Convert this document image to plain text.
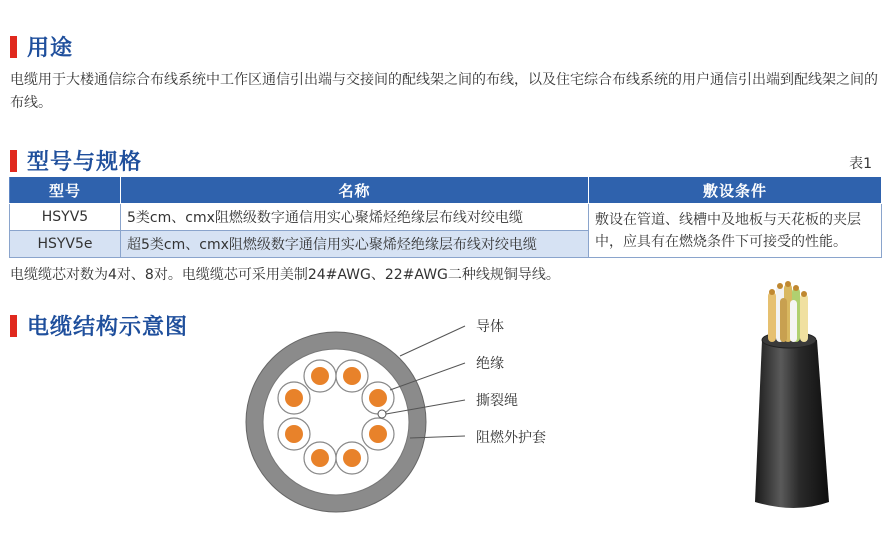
用途
电缆用于大楼通信综合布线系统中工作区通信引出端与交接间的配线架之间的布线，以及住宅综合布线系统的用户通信引出端到配线架之间的布线。
型号与规格	表1
型号	名称	敷设条件
HSYV5	5类cm、cmx阻燃级数字通信用实心聚烯烃绝缘层布线对绞电缆	敷设在管道、线槽中及地板与天花板的夹层中，应具有在燃烧条件下可接受的性能。
HSYV5e	超5类cm、cmx阻燃级数字通信用实心聚烯烃绝缘层布线对绞电缆	
电缆缆芯对数为4对、8对。电缆缆芯可采用美制24#AWG、22#AWG二种线规铜导线。
电缆结构示意图	导体
绝缘
撕裂绳
阻燃外护套
